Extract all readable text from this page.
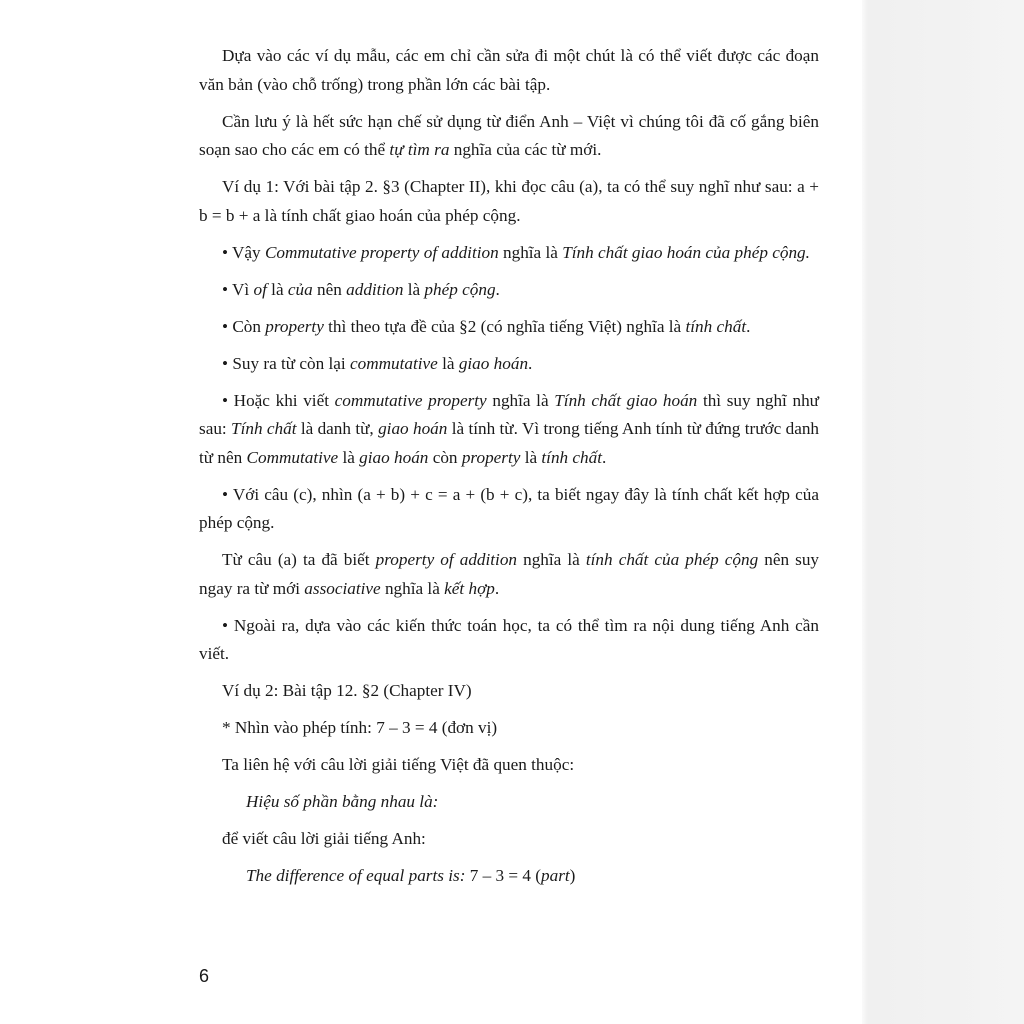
Dựa vào các ví dụ mẫu, các em chỉ cần sửa đi một chút là có thể viết được các đoạn văn bản (vào chỗ trống) trong phần lớn các bài tập.

Cần lưu ý là hết sức hạn chế sử dụng từ điển Anh – Việt vì chúng tôi đã cố gắng biên soạn sao cho các em có thể tự tìm ra nghĩa của các từ mới.

Ví dụ 1: Với bài tập 2. §3 (Chapter II), khi đọc câu (a), ta có thể suy nghĩ như sau: a + b = b + a là tính chất giao hoán của phép cộng.

• Vậy Commutative property of addition nghĩa là Tính chất giao hoán của phép cộng.

• Vì of là của nên addition là phép cộng.

• Còn property thì theo tựa đề của §2 (có nghĩa tiếng Việt) nghĩa là tính chất.

• Suy ra từ còn lại commutative là giao hoán.

• Hoặc khi viết commutative property nghĩa là Tính chất giao hoán thì suy nghĩ như sau: Tính chất là danh từ, giao hoán là tính từ. Vì trong tiếng Anh tính từ đứng trước danh từ nên Commutative là giao hoán còn property là tính chất.

• Với câu (c), nhìn (a + b) + c = a + (b + c), ta biết ngay đây là tính chất kết hợp của phép cộng.

Từ câu (a) ta đã biết property of addition nghĩa là tính chất của phép cộng nên suy ngay ra từ mới associative nghĩa là kết hợp.

• Ngoài ra, dựa vào các kiến thức toán học, ta có thể tìm ra nội dung tiếng Anh cần viết.

Ví dụ 2: Bài tập 12. §2 (Chapter IV)

* Nhìn vào phép tính: 7 – 3 = 4 (đơn vị)

Ta liên hệ với câu lời giải tiếng Việt đã quen thuộc:

Hiệu số phần bằng nhau là:

để viết câu lời giải tiếng Anh:

The difference of equal parts is: 7 – 3 = 4 (part)

6
